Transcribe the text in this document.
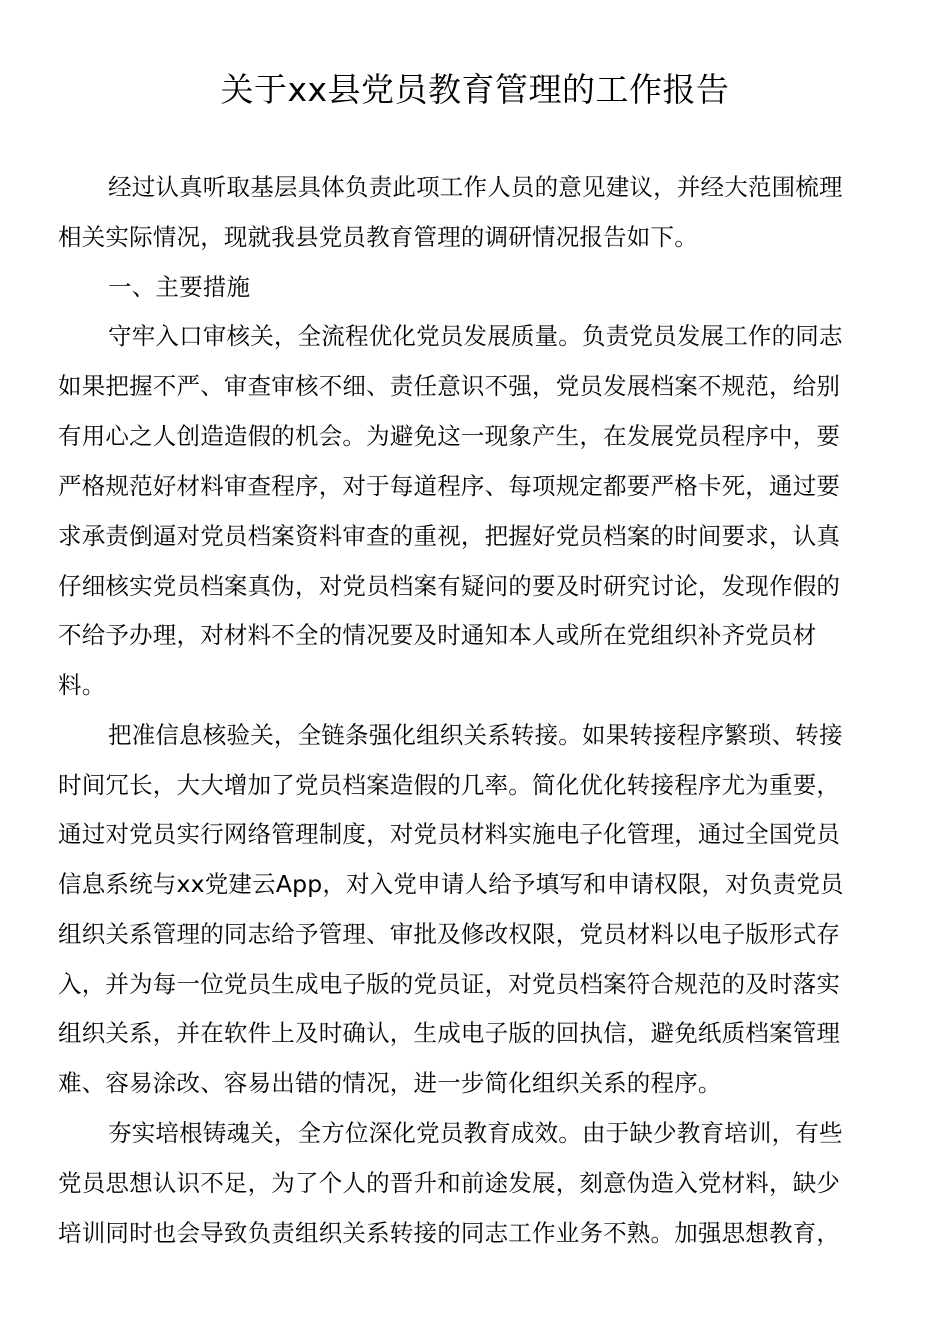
关于xx县党员教育管理的工作报告
经过认真听取基层具体负责此项工作人员的意见建议，并经大范围梳理
相关实际情况，现就我县党员教育管理的调研情况报告如下。
一、主要措施
守牢入口审核关，全流程优化党员发展质量。负责党员发展工作的同志
如果把握不严、审查审核不细、责任意识不强，党员发展档案不规范，给别
有用心之人创造造假的机会。为避免这一现象产生，在发展党员程序中，要
严格规范好材料审查程序，对于每道程序、每项规定都要严格卡死，通过要
求承责倒逼对党员档案资料审查的重视，把握好党员档案的时间要求，认真
仔细核实党员档案真伪，对党员档案有疑问的要及时研究讨论，发现作假的
不给予办理，对材料不全的情况要及时通知本人或所在党组织补齐党员材
料。
把准信息核验关，全链条强化组织关系转接。如果转接程序繁琐、转接
时间冗长，大大增加了党员档案造假的几率。简化优化转接程序尤为重要，
通过对党员实行网络管理制度，对党员材料实施电子化管理，通过全国党员
信息系统与xx党建云App，对入党申请人给予填写和申请权限，对负责党员
组织关系管理的同志给予管理、审批及修改权限，党员材料以电子版形式存
入，并为每一位党员生成电子版的党员证，对党员档案符合规范的及时落实
组织关系，并在软件上及时确认，生成电子版的回执信，避免纸质档案管理
难、容易涂改、容易出错的情况，进一步简化组织关系的程序。
夯实培根铸魂关，全方位深化党员教育成效。由于缺少教育培训，有些
党员思想认识不足，为了个人的晋升和前途发展，刻意伪造入党材料，缺少
培训同时也会导致负责组织关系转接的同志工作业务不熟。加强思想教育，
